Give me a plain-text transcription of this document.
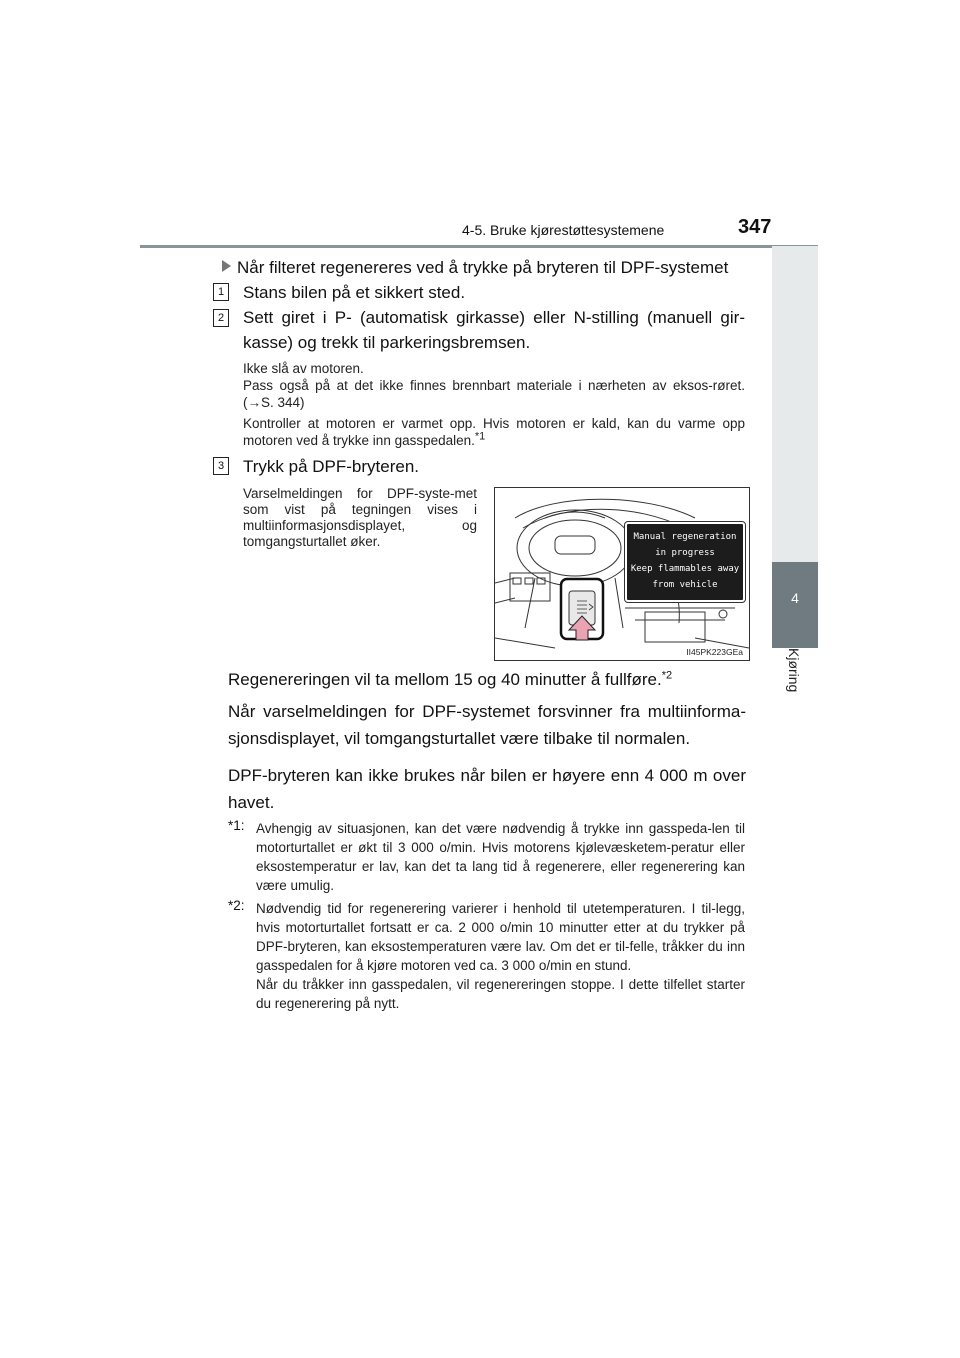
4-5. Bruke kjørestøttesystemene	347
4
Kjøring
Når filteret regenereres ved å trykke på bryteren til DPF-systemet
1 Stans bilen på et sikkert sted.
2 Sett giret i P- (automatisk girkasse) eller N-stilling (manuell gir-kasse) og trekk til parkeringsbremsen.
Ikke slå av motoren.
Pass også på at det ikke finnes brennbart materiale i nærheten av eksos-røret. (→S. 344)
Kontroller at motoren er varmet opp. Hvis motoren er kald, kan du varme opp motoren ved å trykke inn gasspedalen.$^{*1}$
3 Trykk på DPF-bryteren.
Varselmeldingen for DPF-syste-met som vist på tegningen vises i multiinformasjonsdisplayet, og tomgangsturtallet øker.	Manual regeneration
in progress
Keep flammables away
from vehicle
II45PK223GEa
Regenereringen vil ta mellom 15 og 40 minutter å fullføre.$^{*2}$
Når varselmeldingen for DPF-systemet forsvinner fra multiinforma-sjonsdisplayet, vil tomgangsturtallet være tilbake til normalen.
DPF-bryteren kan ikke brukes når bilen er høyere enn 4 000 m over havet.
*1: Avhengig av situasjonen, kan det være nødvendig å trykke inn gasspeda-len til motorturtallet er økt til 3 000 o/min. Hvis motorens kjølevæsketem-peratur eller eksostemperatur er lav, kan det ta lang tid å regenerere, eller regenerering kan være umulig.
*2: Nødvendig tid for regenerering varierer i henhold til utetemperaturen. I til-legg, hvis motorturtallet fortsatt er ca. 2 000 o/min 10 minutter etter at du trykker på DPF-bryteren, kan eksostemperaturen være lav. Om det er til-felle, tråkker du inn gasspedalen for å kjøre motoren ved ca. 3 000 o/min en stund.
Når du tråkker inn gasspedalen, vil regenereringen stoppe. I dette tilfellet starter du regenerering på nytt.
